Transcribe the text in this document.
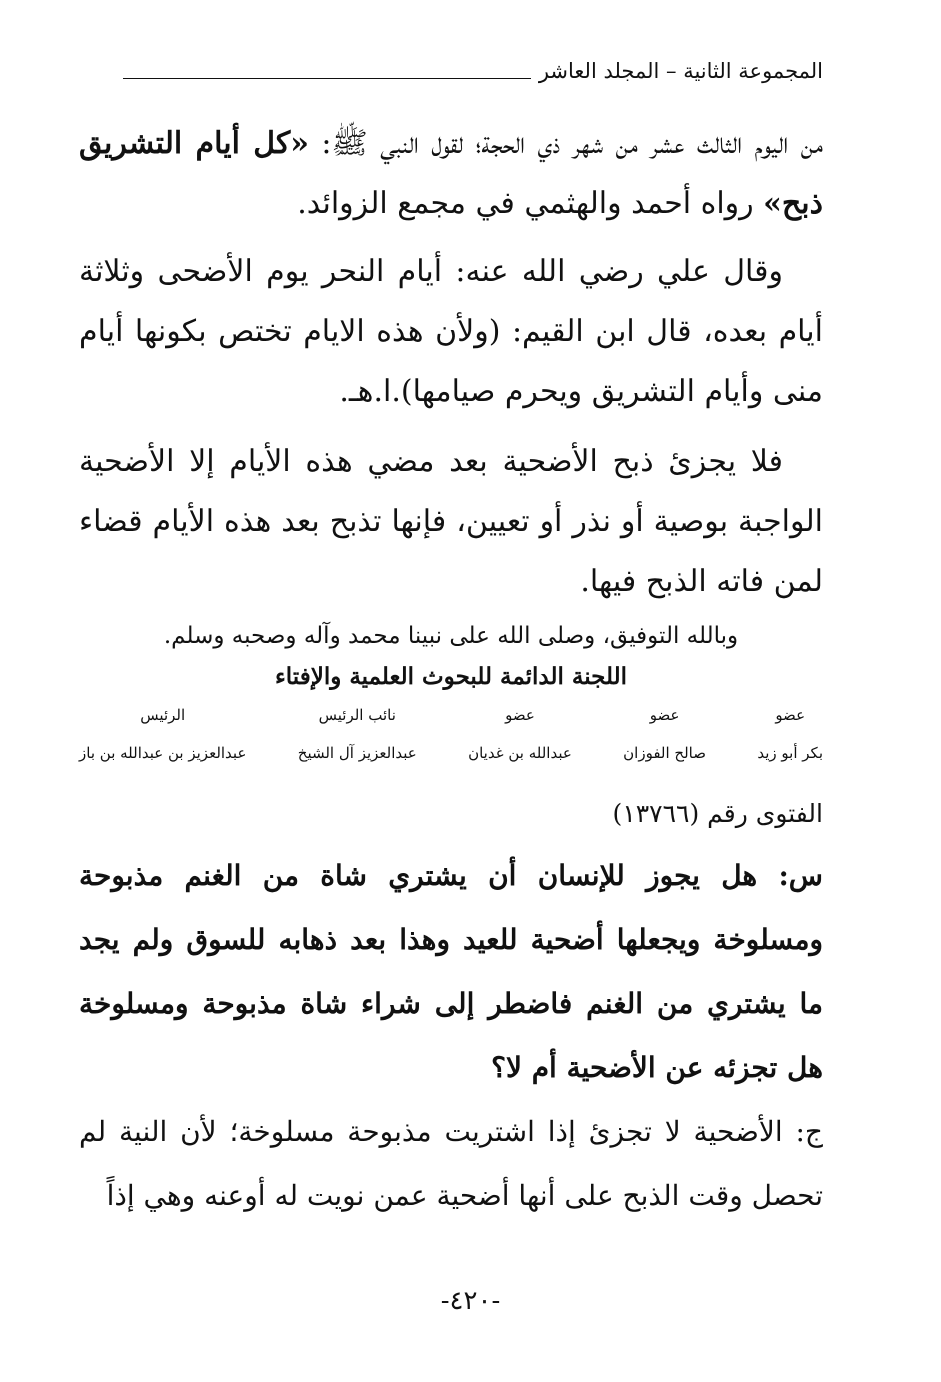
المجموعة الثانية – المجلد العاشر

من اليوم الثالث عشر من شهر ذي الحجة؛ لقول النبي ﷺ: «كل أيام التشريق ذبح» رواه أحمد والهثمي في مجمع الزوائد.

وقال علي رضي الله عنه: أيام النحر يوم الأضحى وثلاثة أيام بعده، قال ابن القيم: (ولأن هذه الايام تختص بكونها أيام منى وأيام التشريق ويحرم صيامها).ا.هـ.

فلا يجزئ ذبح الأضحية بعد مضي هذه الأيام إلا الأضحية الواجبة بوصية أو نذر أو تعيين، فإنها تذبح بعد هذه الأيام قضاء لمن فاته الذبح فيها.

وبالله التوفيق، وصلى الله على نبينا محمد وآله وصحبه وسلم.
اللجنة الدائمة للبحوث العلمية والإفتاء
عضو
بكر أبو زيد
عضو
صالح الفوزان
عضو
عبدالله بن غديان
نائب الرئيس
عبدالعزيز آل الشيخ
الرئيس
عبدالعزيز بن عبدالله بن باز
الفتوى رقم (١٣٧٦٦)

س: هل يجوز للإنسان أن يشتري شاة من الغنم مذبوحة ومسلوخة ويجعلها أضحية للعيد وهذا بعد ذهابه للسوق ولم يجد ما يشتري من الغنم فاضطر إلى شراء شاة مذبوحة ومسلوخة هل تجزئه عن الأضحية أم لا؟

ج: الأضحية لا تجزئ إذا اشتريت مذبوحة مسلوخة؛ لأن النية لم تحصل وقت الذبح على أنها أضحية عمن نويت له أوعنه وهي إذاً

-٤٢٠-
